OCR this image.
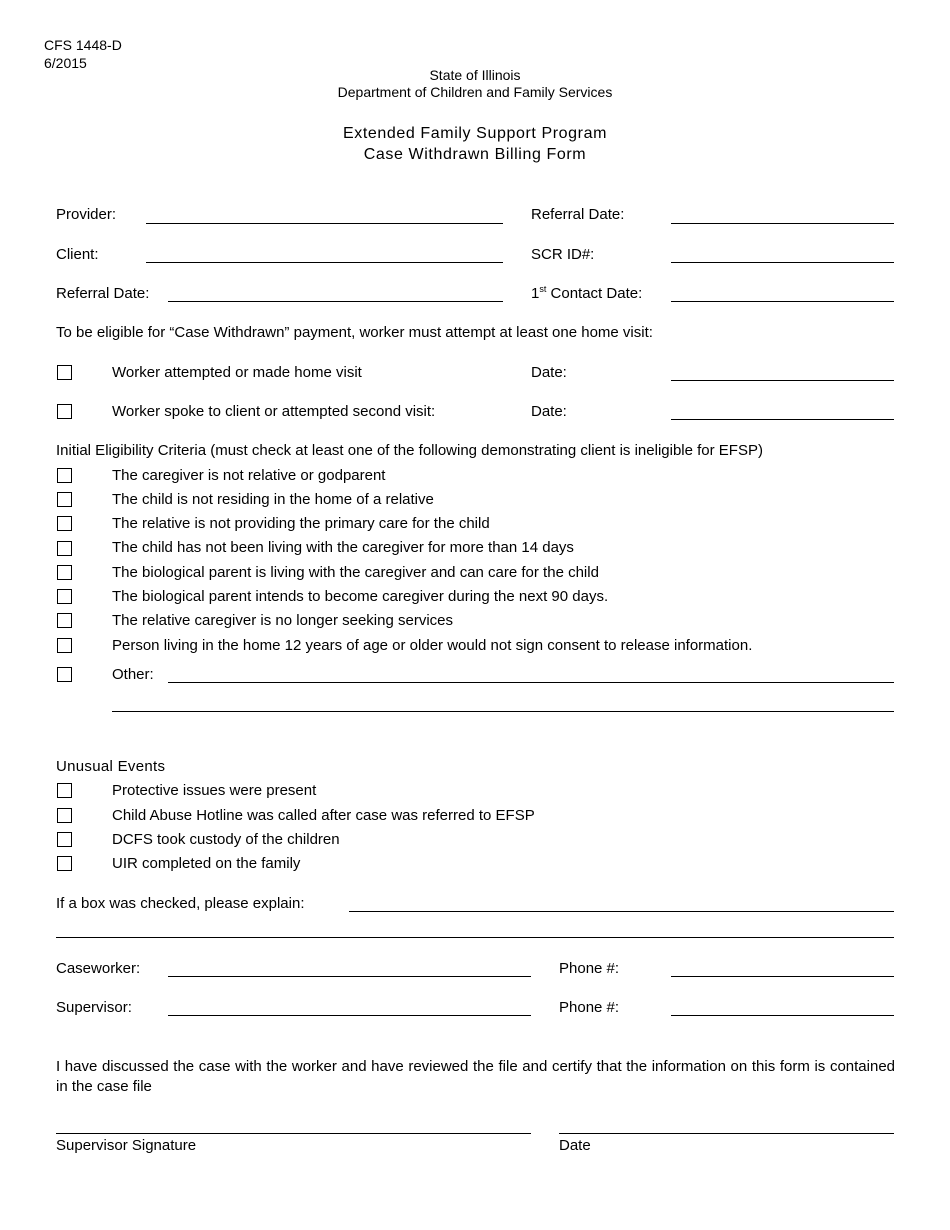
CFS 1448-D
6/2015
State of Illinois
Department of Children and Family Services
Extended Family Support Program
Case Withdrawn Billing Form
Provider:	Referral Date:
Client:	SCR ID#:
Referral Date:	1st Contact Date:
To be eligible for “Case Withdrawn” payment, worker must attempt at least one home visit:
Worker attempted or made home visit	Date:
Worker spoke to client or attempted second visit:	Date:
Initial Eligibility Criteria (must check at least one of the following demonstrating client is ineligible for EFSP)
The caregiver is not relative or godparent
The child is not residing in the home of a relative
The relative is not providing the primary care for the child
The child has not been living with the caregiver for more than 14 days
The biological parent is living with the caregiver and can care for the child
The biological parent intends to become caregiver during the next 90 days.
The relative caregiver is no longer seeking services
Person living in the home 12 years of age or older would not sign consent to release information.
Other:
Unusual Events
Protective issues were present
Child Abuse Hotline was called after case was referred to EFSP
DCFS took custody of the children
UIR completed on the family
If a box was checked, please explain:
Caseworker:	Phone #:
Supervisor:	Phone #:
I have discussed the case with the worker and have reviewed the file and certify that the information on this form is contained in the case file
Supervisor Signature	Date
